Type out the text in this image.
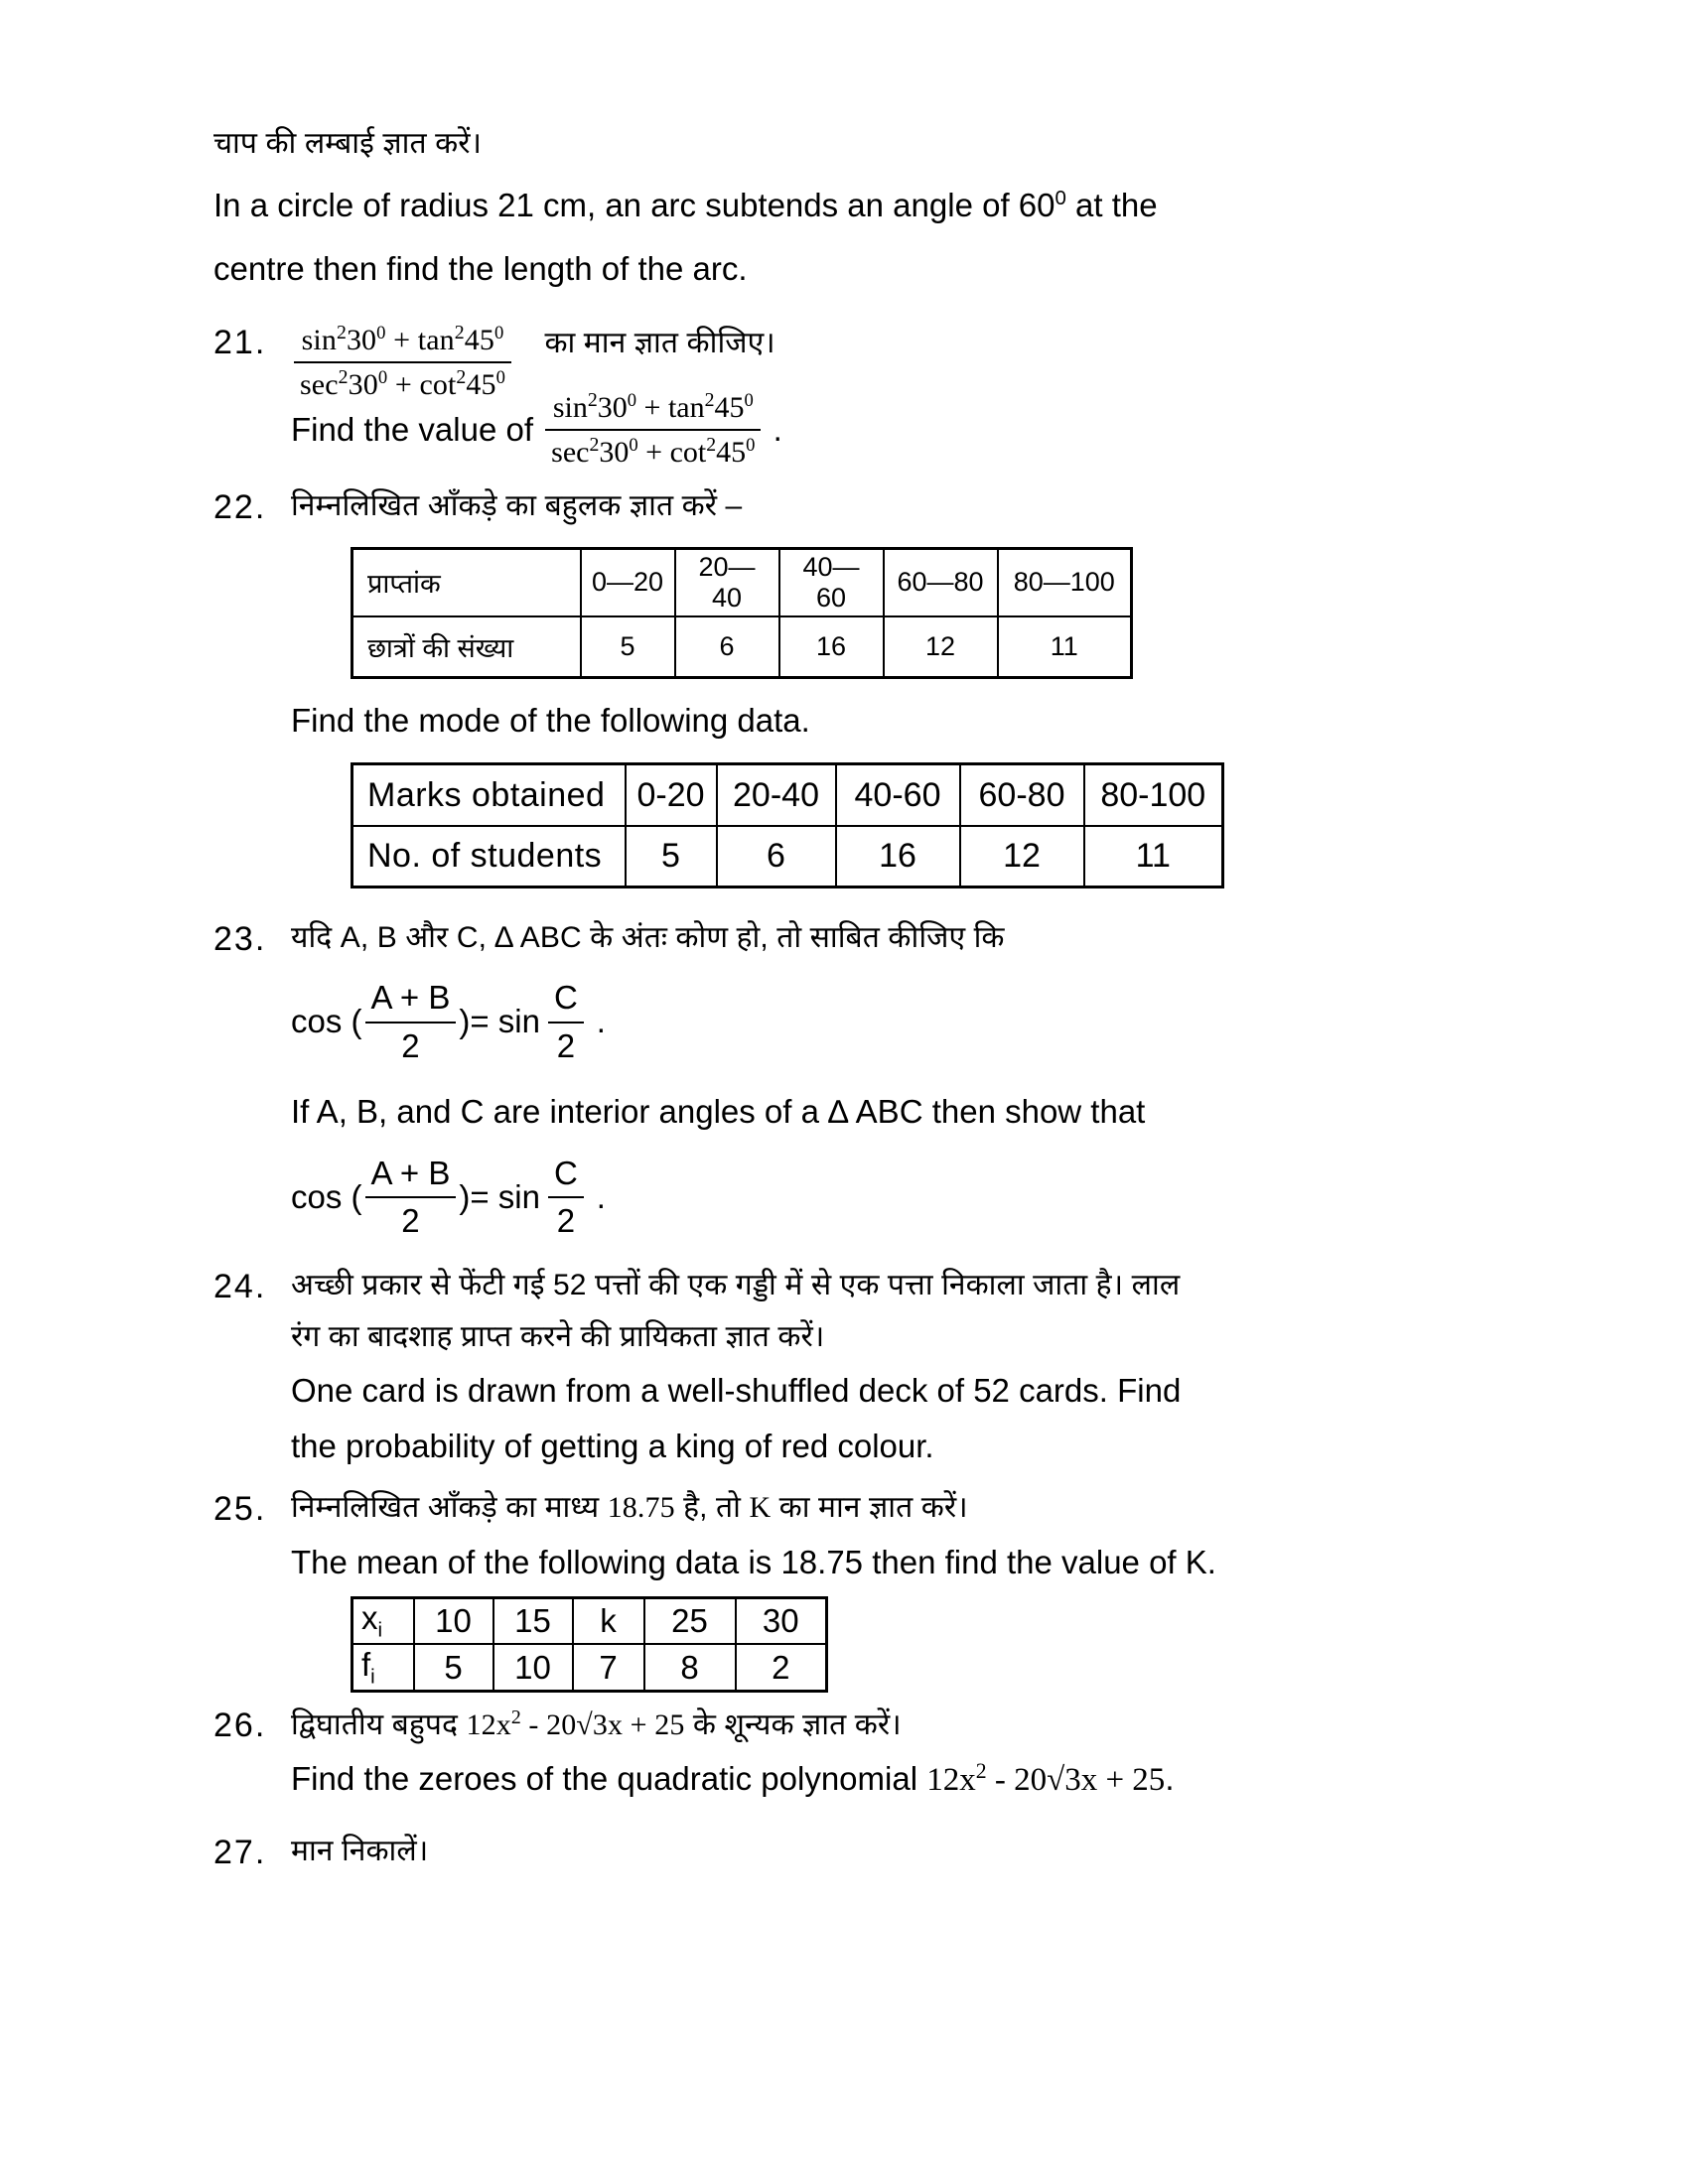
चाप की लम्बाई ज्ञात करें।
In a circle of radius 21 cm, an arc subtends an angle of $60^0$ at the
centre then find the length of the arc.
21. $\frac{\sin^230^0 + \tan^245^0}{\sec^230^0 + \cot^245^0}$ का मान ज्ञात कीजिए।
Find the value of $\frac{\sin^230^0 + \tan^245^0}{\sec^230^0 + \cot^245^0}$ .
22. निम्नलिखित ऑंकड़े का बहुलक ज्ञात करें –
प्राप्तांक	0—20	20—40	40—60	60—80	80—100
छात्रों की संख्या	5	6	16	12	11
Find the mode of the following data.
Marks obtained	0-20	20-40	40-60	60-80	80-100
No. of students	5	6	16	12	11
23. यदि A, B और C, ∆ ABC के अंतः कोण हो, तो साबित कीजिए कि
cos ( $\frac{A + B}{2}$ )= $\sin \frac{C}{2}$ .
If A, B, and C are interior angles of a ∆ ABC then show that
cos ( $\frac{A + B}{2}$ )= $\sin \frac{C}{2}$ .
24. अच्छी प्रकार से फेंटी गई 52 पत्तों की एक गड्डी में से एक पत्ता निकाला जाता है। लाल
रंग का बादशाह प्राप्त करने की प्रायिकता ज्ञात करें।
One card is drawn from a well-shuffled deck of 52 cards. Find
the probability of getting a king of red colour.
25. निम्नलिखित ऑंकड़े का माध्य 18.75 है, तो K का मान ज्ञात करें।
The mean of the following data is 18.75 then find the value of K.
$x_i$	10	15	k	25	30
$f_i$	5	10	7	8	2
26. द्विघातीय बहुपद $12x^2 - 20√3x + 25$ के शून्यक ज्ञात करें।
Find the zeroes of the quadratic polynomial $12x^2 - 20√3x + 25$.
27. मान निकालें।
